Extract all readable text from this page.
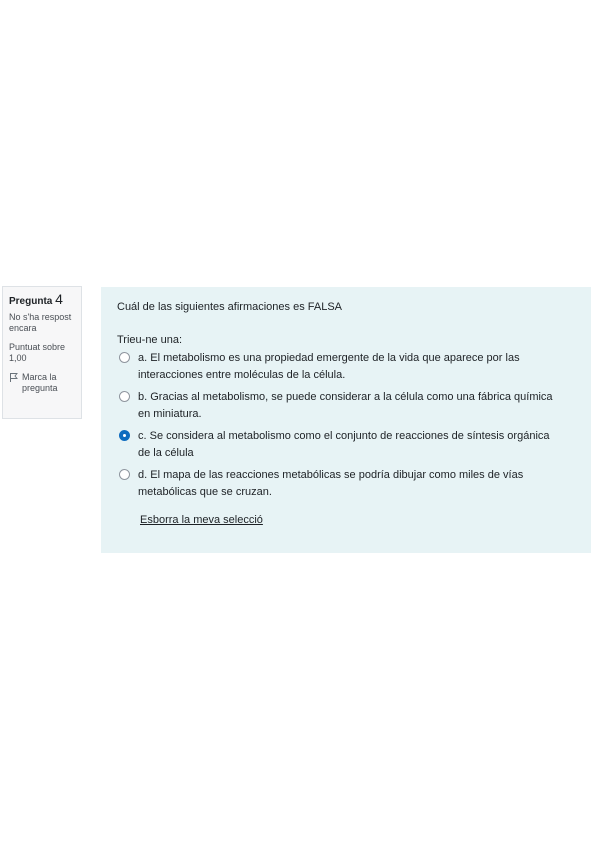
Pregunta 4
No s'ha respost encara
Puntuat sobre 1,00
Marca la pregunta
Cuál de las siguientes afirmaciones es FALSA
Trieu-ne una:
a. El metabolismo es una propiedad emergente de la vida que aparece por las interacciones entre moléculas de la célula.
b. Gracias al metabolismo, se puede considerar a la célula como una fábrica química en miniatura.
c. Se considera al metabolismo como el conjunto de reacciones de síntesis orgánica de la célula
d. El mapa de las reacciones metabólicas se podría dibujar como miles de vías metabólicas que se cruzan.
Esborra la meva selecció
